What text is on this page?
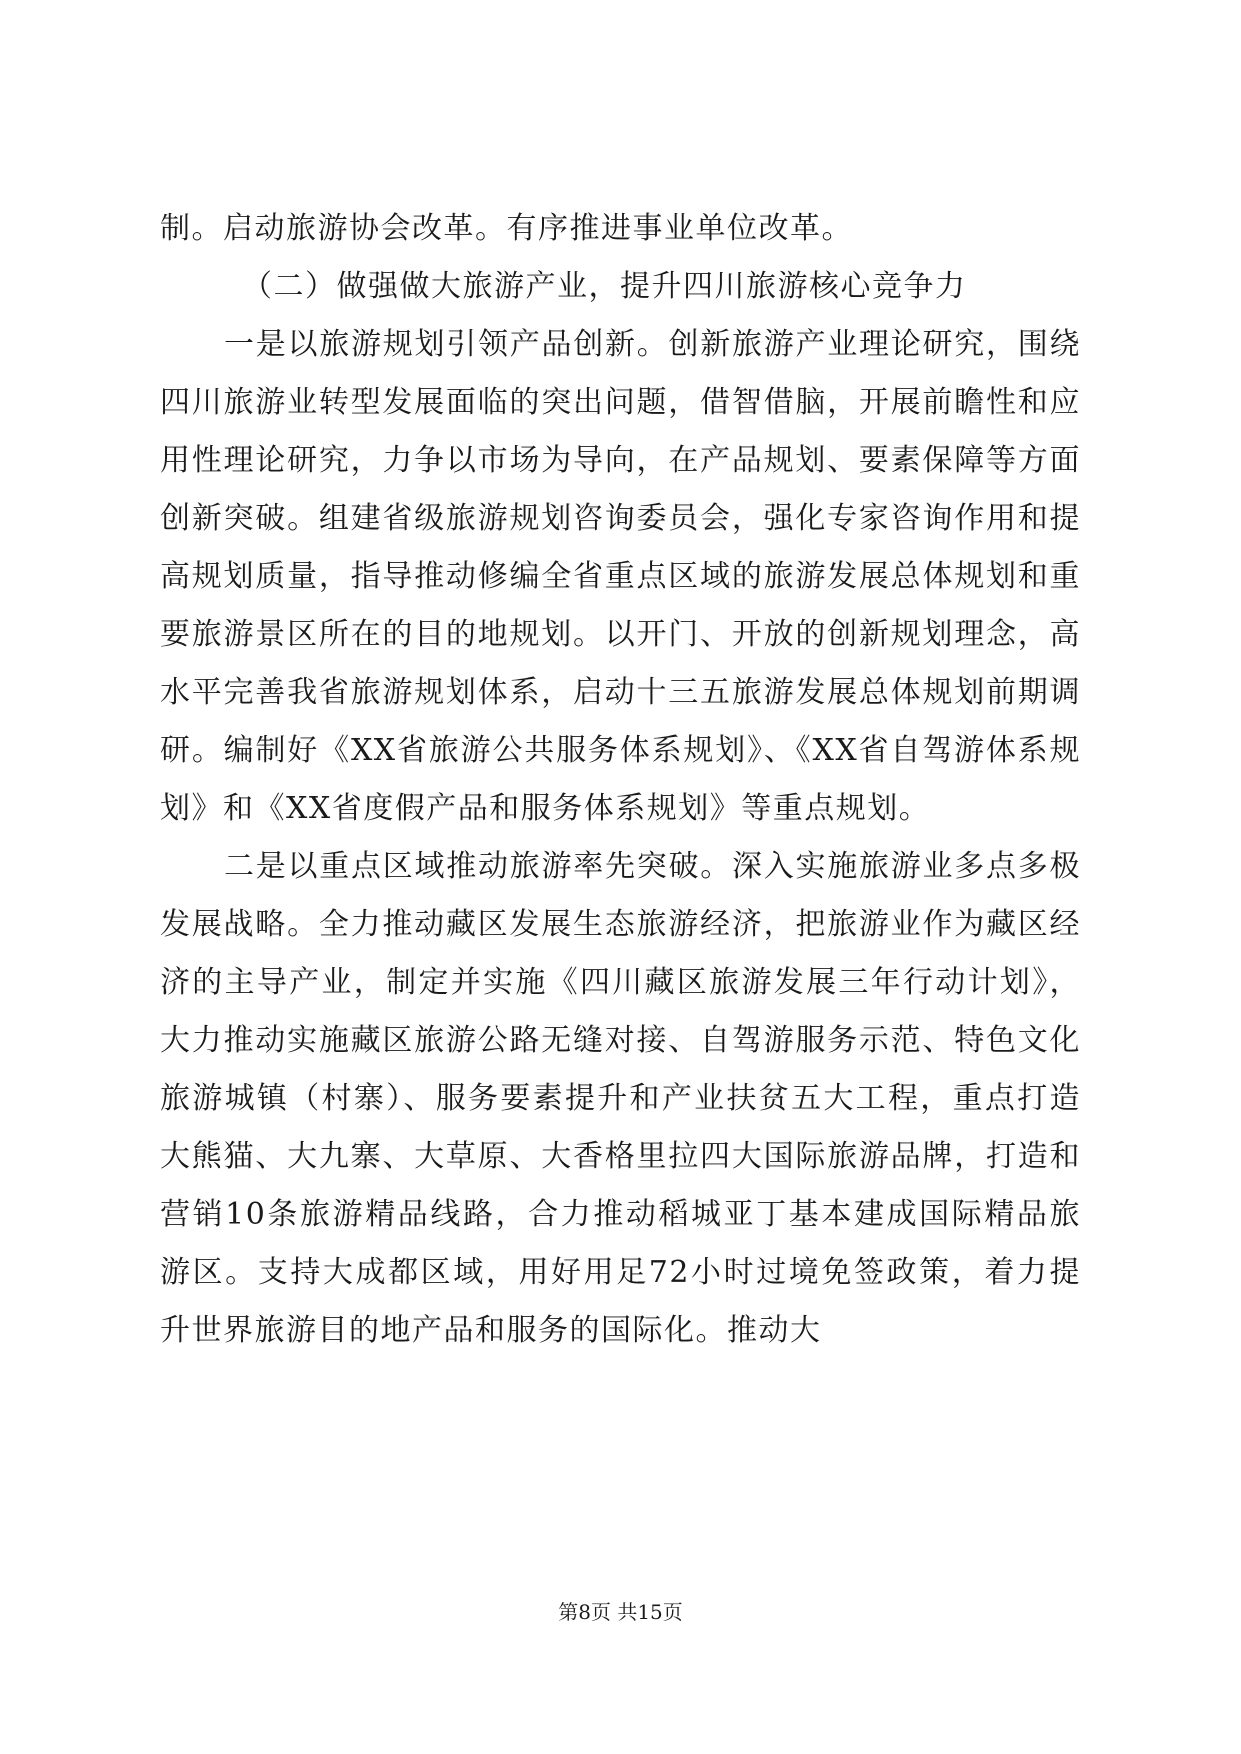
制。启动旅游协会改革。有序推进事业单位改革。

（二）做强做大旅游产业，提升四川旅游核心竞争力

一是以旅游规划引领产品创新。创新旅游产业理论研究，围绕四川旅游业转型发展面临的突出问题，借智借脑，开展前瞻性和应用性理论研究，力争以市场为导向，在产品规划、要素保障等方面创新突破。组建省级旅游规划咨询委员会，强化专家咨询作用和提高规划质量，指导推动修编全省重点区域的旅游发展总体规划和重要旅游景区所在的目的地规划。以开门、开放的创新规划理念，高水平完善我省旅游规划体系，启动十三五旅游发展总体规划前期调研。编制好《XX省旅游公共服务体系规划》、《XX省自驾游体系规划》和《XX省度假产品和服务体系规划》等重点规划。

二是以重点区域推动旅游率先突破。深入实施旅游业多点多极发展战略。全力推动藏区发展生态旅游经济，把旅游业作为藏区经济的主导产业，制定并实施《四川藏区旅游发展三年行动计划》，大力推动实施藏区旅游公路无缝对接、自驾游服务示范、特色文化旅游城镇（村寨）、服务要素提升和产业扶贫五大工程，重点打造大熊猫、大九寨、大草原、大香格里拉四大国际旅游品牌，打造和营销10条旅游精品线路，合力推动稻城亚丁基本建成国际精品旅游区。支持大成都区域，用好用足72小时过境免签政策，着力提升世界旅游目的地产品和服务的国际化。推动大

第8页 共15页
